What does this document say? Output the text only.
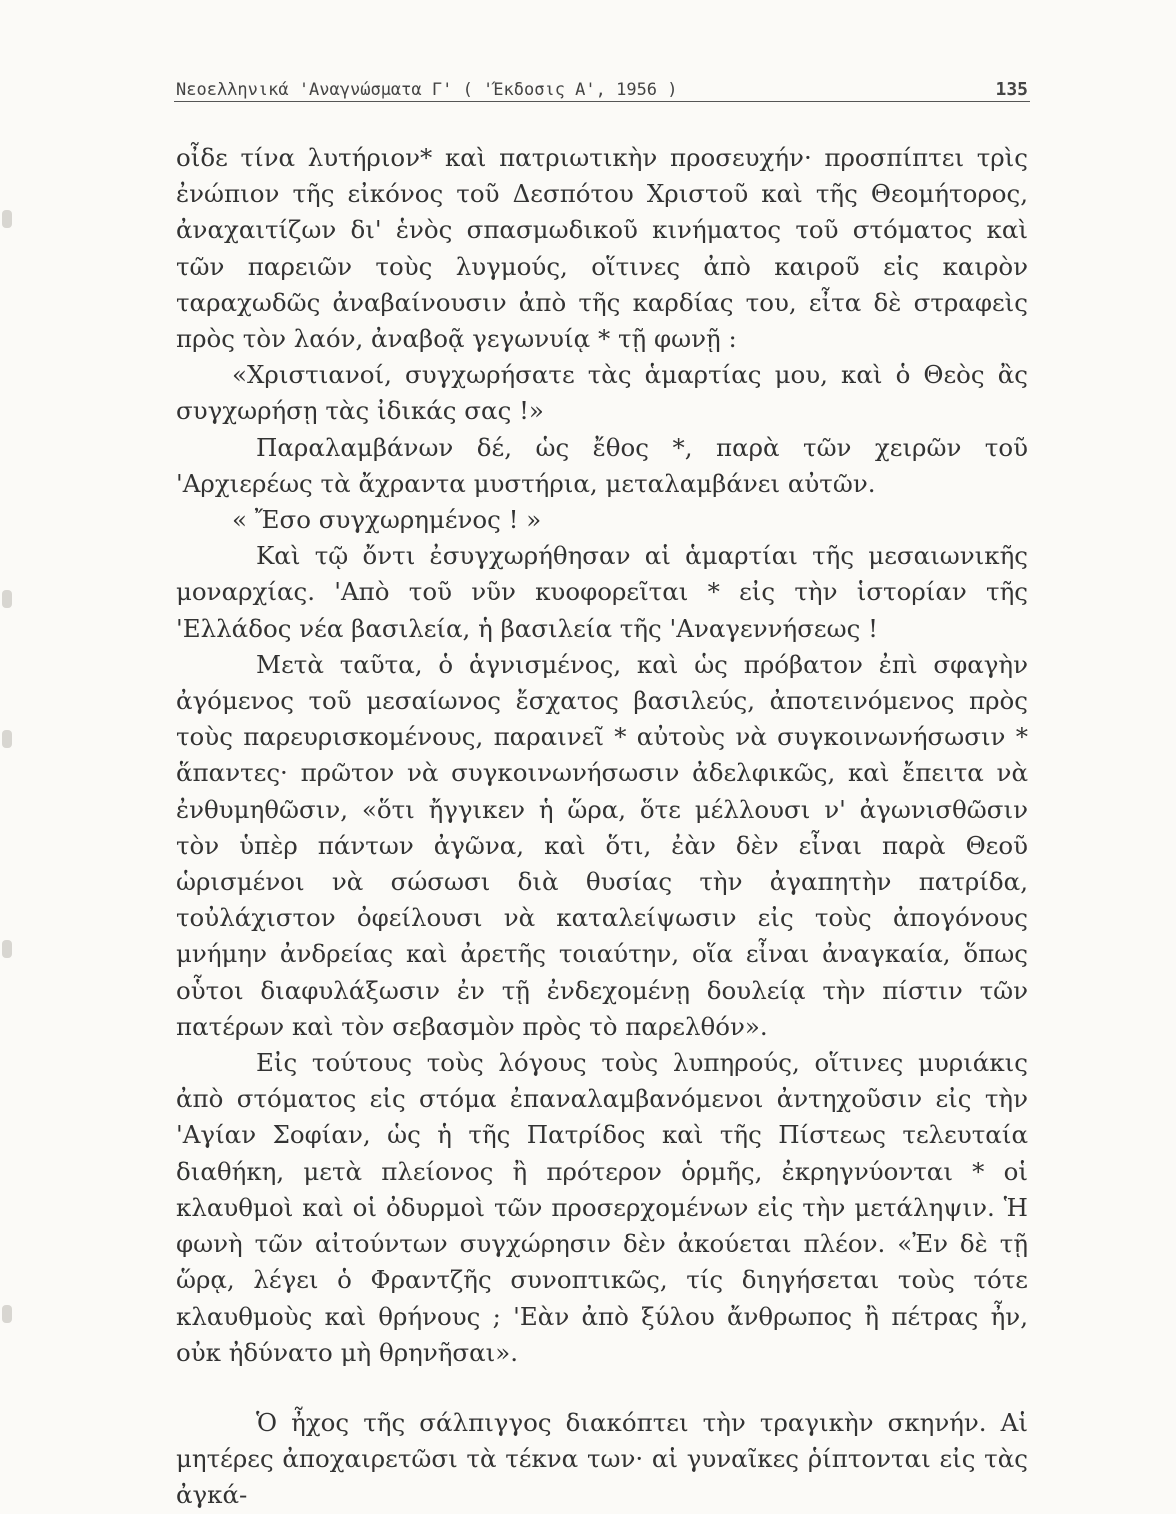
Νεοελληνικά 'Αναγνώσματα Γ' ( 'Έκδοσις Α', 1956 )	135

οἶδε τίνα λυτήριον* καὶ πατριωτικὴν προσευχήν· προσπίπτει τρὶς ἐνώπιον τῆς εἰκόνος τοῦ Δεσπότου Χριστοῦ καὶ τῆς Θεομήτορος, ἀναχαιτίζων δι' ἑνὸς σπασμωδικοῦ κινήματος τοῦ στόματος καὶ τῶν παρειῶν τοὺς λυγμούς, οἵτινες ἀπὸ καιροῦ εἰς καιρὸν ταραχωδῶς ἀναβαίνουσιν ἀπὸ τῆς καρδίας του, εἶτα δὲ στραφεὶς πρὸς τὸν λαόν, ἀναβοᾷ γεγωνυίᾳ * τῇ φωνῇ :

«Χριστιανοί, συγχωρήσατε τὰς ἁμαρτίας μου, καὶ ὁ Θεὸς ἂς συγχωρήσῃ τὰς ἰδικάς σας !»

Παραλαμβάνων δέ, ὡς ἔθος *, παρὰ τῶν χειρῶν τοῦ 'Αρχιερέως τὰ ἄχραντα μυστήρια, μεταλαμβάνει αὐτῶν.

« Ἔσο συγχωρημένος ! »

Καὶ τῷ ὄντι ἐσυγχωρήθησαν αἱ ἁμαρτίαι τῆς μεσαιωνικῆς μοναρχίας. 'Απὸ τοῦ νῦν κυοφορεῖται * εἰς τὴν ἱστορίαν τῆς 'Ελλάδος νέα βασιλεία, ἡ βασιλεία τῆς 'Αναγεννήσεως !

Μετὰ ταῦτα, ὁ ἁγνισμένος, καὶ ὡς πρόβατον ἐπὶ σφαγὴν ἀγόμενος τοῦ μεσαίωνος ἔσχατος βασιλεύς, ἀποτεινόμενος πρὸς τοὺς παρευρισκομένους, παραινεῖ * αὐτοὺς νὰ συγκοινωνήσωσιν * ἅπαντες· πρῶτον νὰ συγκοινωνήσωσιν ἀδελφικῶς, καὶ ἔπειτα νὰ ἐνθυμηθῶσιν, «ὅτι ἤγγικεν ἡ ὥρα, ὅτε μέλλουσι ν' ἀγωνισθῶσιν τὸν ὑπὲρ πάντων ἀγῶνα, καὶ ὅτι, ἐὰν δὲν εἶναι παρὰ Θεοῦ ὡρισμένοι νὰ σώσωσι διὰ θυσίας τὴν ἀγαπητὴν πατρίδα, τοὐλάχιστον ὀφείλουσι νὰ καταλείψωσιν εἰς τοὺς ἀπογόνους μνήμην ἀνδρείας καὶ ἀρετῆς τοιαύτην, οἵα εἶναι ἀναγκαία, ὅπως οὗτοι διαφυλάξωσιν ἐν τῇ ἐνδεχομένῃ δουλείᾳ τὴν πίστιν τῶν πατέρων καὶ τὸν σεβασμὸν πρὸς τὸ παρελθόν».

Εἰς τούτους τοὺς λόγους τοὺς λυπηρούς, οἵτινες μυριάκις ἀπὸ στόματος εἰς στόμα ἐπαναλαμβανόμενοι ἀντηχοῦσιν εἰς τὴν 'Αγίαν Σοφίαν, ὡς ἡ τῆς Πατρίδος καὶ τῆς Πίστεως τελευταία διαθήκη, μετὰ πλείονος ἢ πρότερον ὁρμῆς, ἐκρηγνύονται * οἱ κλαυθμοὶ καὶ οἱ ὀδυρμοὶ τῶν προσερχομένων εἰς τὴν μετάληψιν. Ἡ φωνὴ τῶν αἰτούντων συγχώρησιν δὲν ἀκούεται πλέον. «Ἐν δὲ τῇ ὥρᾳ, λέγει ὁ Φραντζῆς συνοπτικῶς, τίς διηγήσεται τοὺς τότε κλαυθμοὺς καὶ θρήνους ; 'Εὰν ἀπὸ ξύλου ἄνθρωπος ἢ πέτρας ἦν, οὐκ ἠδύνατο μὴ θρηνῆσαι».

Ὁ ἦχος τῆς σάλπιγγος διακόπτει τὴν τραγικὴν σκηνήν. Αἱ μητέρες ἀποχαιρετῶσι τὰ τέκνα των· αἱ γυναῖκες ῥίπτονται εἰς τὰς ἀγκά-
